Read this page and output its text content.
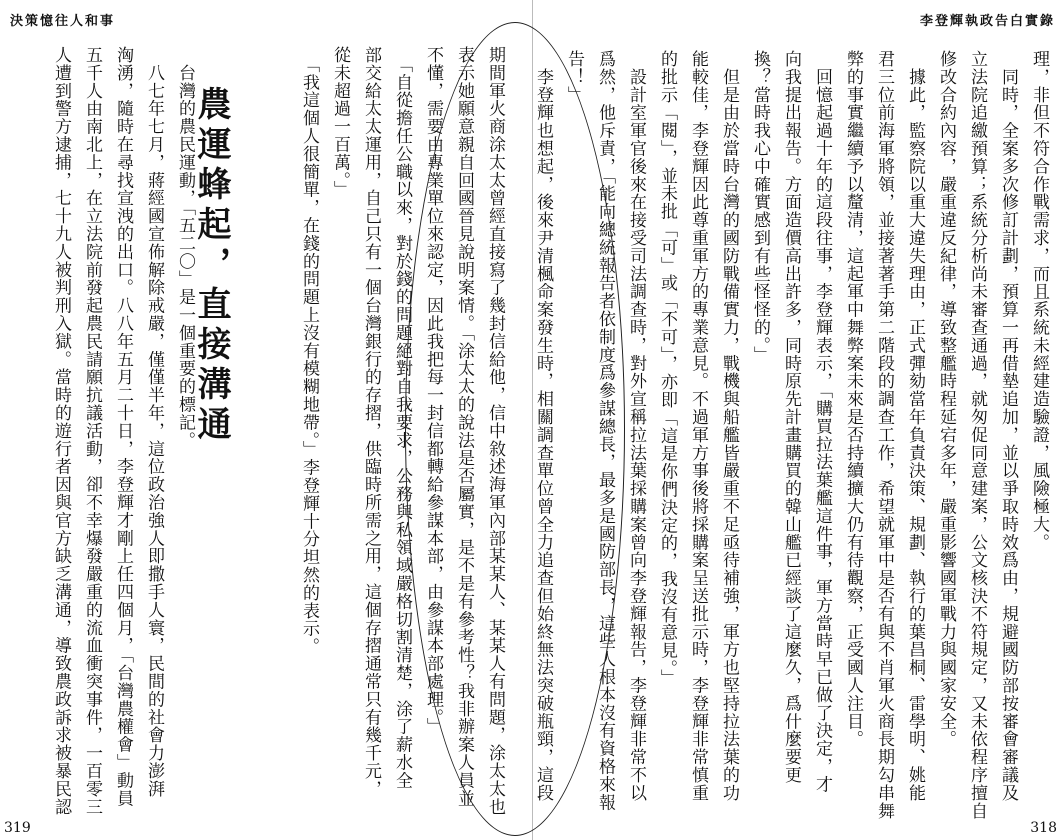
決策憶往人和事	李登輝執政告白實錄
理，非但不符合作戰需求，而且系統未經建造驗證，風險極大。
　同時，全案多次修訂計劃，預算一再借墊追加，並以爭取時效爲由，規避國防部按審會審議及
立法院追繳預算；系統分析尚未審查通過，就匆促同意建案，公文核決不符規定，又未依程序擅自
修改合約內容，嚴重違反紀律，導致整艦時程延宕多年，嚴重影響國軍戰力與國家安全。
　據此，監察院以重大違失理由，正式彈劾當年負責決策、規劃、執行的葉昌桐、雷學明、姚能
君三位前海軍將領，並接著著手第二階段的調查工作，希望就軍中是否有與不肖軍火商長期勾串舞
弊的事實繼續予以釐清，這起軍中舞弊案未來是否持續擴大仍有待觀察，正受國人注目。
　回憶起過十年的這段往事，李登輝表示，「購買拉法葉艦這件事，軍方當時早已做了決定，才
向我提出報告。方面造價高出許多，同時原先計畫購買的韓山艦已經談了這麼久，爲什麼要更
換？當時我心中確實感到有些怪怪的。」
　但是由於當時台灣的國防戰備實力，戰機與船艦皆嚴重不足亟待補強，軍方也堅持拉法葉的功
能較佳，李登輝因此尊重軍方的專業意見。不過軍方事後將採購案呈送批示時，李登輝非常慎重
的批示「閱」，並未批「可」或「不可」，亦即「這是你們決定的，我沒有意見。」
　設計室軍官後來在接受司法調查時，對外宣稱拉法葉採購案曾向李登輝報告，李登輝非常不以
爲然，他斥責，「能向總統報告者依制度爲參謀總長，最多是國防部長，這些人根本沒有資格來報
告！」
　李登輝也想起，後來尹清楓命案發生時，相關調查單位曾全力追查但始終無法突破瓶頸，這段
期間軍火商涂太太曾經直接寫了幾封信給他，信中敘述海軍內部某某人、某某人有問題，涂太太也
表示她願意親自回國晉見說明案情。「涂太太的說法是否屬實，是不是有參考性？我非辦案人員並
不懂，需要由專業單位來認定，因此我把每一封信都轉給參謀本部，由參謀本部處理。」
　「自從擔任公職以來，對於錢的問題絕對自我要求，公務與私領域嚴格切割清楚，涂了薪水全
部交給太太運用，自己只有一個台灣銀行的存摺，供臨時所需之用，這個存摺通常只有幾千元，
從未超過一百萬。」
　「我這個人很簡單，在錢的問題上沒有模糊地帶。」李登輝十分坦然的表示。
　台灣的農民運動，「五二〇」是一個重要的標記。
　八七年七月，蔣經國宣佈解除戒嚴，僅僅半年，這位政治強人即撒手人寰，民間的社會力澎湃
洶湧，隨時在尋找宣洩的出口。八八年五月二十日，李登輝才剛上任四個月，「台灣農權會」動員
五千人由南北上，在立法院前發起農民請願抗議活動，卻不幸爆發嚴重的流血衝突事件，一百零三
人遭到警方逮捕，七十九人被判刑入獄。當時的遊行者因與官方缺乏溝通，導致農政訴求被暴民認	農運蜂起，直接溝通
319	318
